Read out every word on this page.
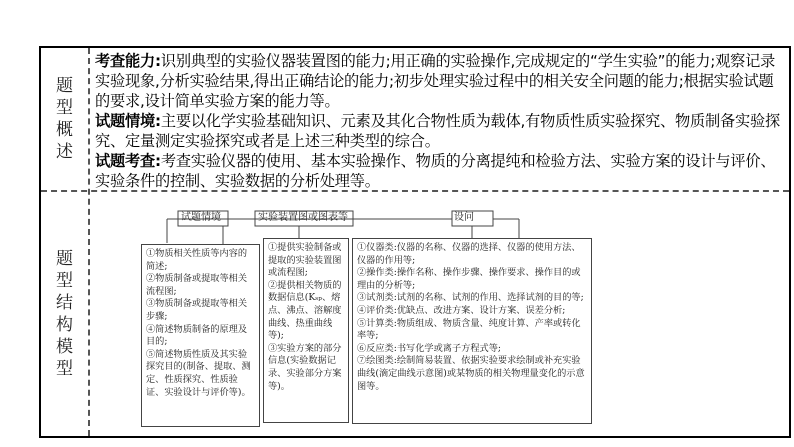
题
型
概
述
题
型
结
构
模
型

考查能力:识别典型的实验仪器装置图的能力;用正确的实验操作,完成规定的“学生实验”的能力;观察记录实验现象,分析实验结果,得出正确结论的能力;初步处理实验过程中的相关安全问题的能力;根据实验试题的要求,设计简单实验方案的能力等。

试题情境:主要以化学实验基础知识、元素及其化合物性质为载体,有物质性质实验探究、物质制备实验探究、定量测定实验探究或者是上述三种类型的综合。

试题考查:考查实验仪器的使用、基本实验操作、物质的分离提纯和检验方法、实验方案的设计与评价、实验条件的控制、实验数据的分析处理等。

试题情境	实验装置图或图表等	设问
①物质相关性质等内容的简述;
②物质制备或提取等相关流程图;
③物质制备或提取等相关步骤;
④简述物质制备的原理及目的;
⑤简述物质性质及其实验探究目的(制备、提取、测定、性质探究、性质验证、实验设计与评价等)。
①提供实验制备或提取的实验装置图或流程图;
②提供相关物质的数据信息(Kₛₚ、熔点、沸点、溶解度曲线、热重曲线等);
③实验方案的部分信息(实验数据记录、实验部分方案等)。
①仪器类:仪器的名称、仪器的选择、仪器的使用方法、仪器的作用等;
②操作类:操作名称、操作步骤、操作要求、操作目的或理由的分析等;
③试剂类:试剂的名称、试剂的作用、选择试剂的目的等;
④评价类:优缺点、改进方案、设计方案、误差分析;
⑤计算类:物质组成、物质含量、纯度计算、产率或转化率等;
⑥反应类:书写化学或离子方程式等;
⑦绘图类:绘制简易装置、依据实验要求绘制或补充实验曲线(滴定曲线示意图)或某物质的相关物理量变化的示意图等。
